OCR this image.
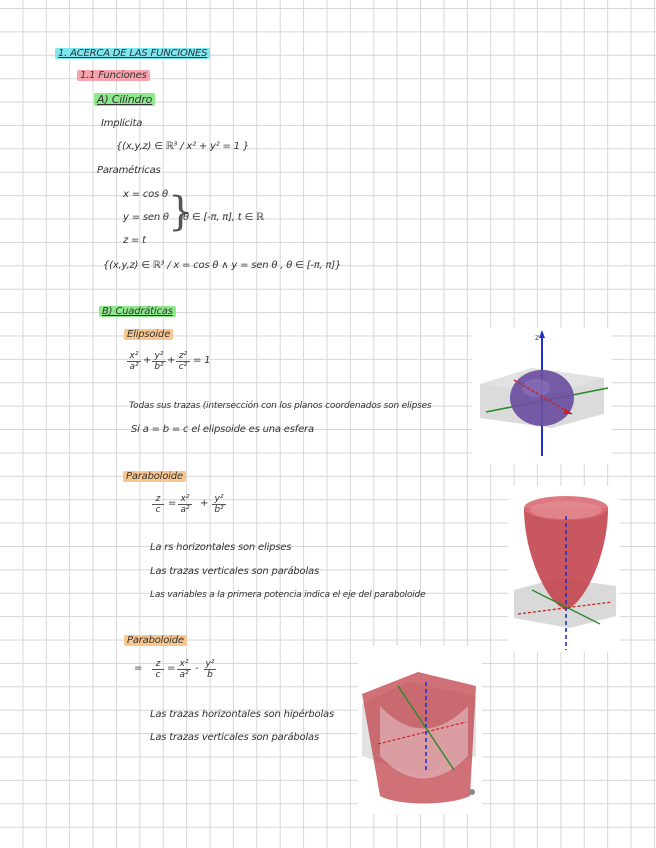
1. ACERCA DE LAS FUNCIONES
1.1 Funciones
A) Cilindro
Implícita
{(x,y,z) ∈ ℝ³ / x² + y² = 1 }
Paramétricas
x = cos θ
y = sen θ
z = t
}
θ ∈ [-π, π], t ∈ ℝ
{(x,y,z) ∈ ℝ³ / x = cos θ ∧ y = sen θ , θ ∈ [-π, π]}
B) Cuadráticas
Elipsoide
$\frac{\text{x²}}{\text{a²}} + \frac{\text{y²}}{\text{b²}} + \frac{\text{z²}}{\text{c²}} = 1$
Todas sus trazas (intersección con los planos coordenados son elipses
Si a = b = c el elipsoide es una esfera
Paraboloide
$\frac{z}{c} = \frac{\text{x²}}{\text{a²}} + \frac{\text{y²}}{\text{b²}}$
La rs horizontales son elipses
Las trazas verticales son parábolas
Las variables a la primera potencia indica el eje del paraboloide
Paraboloide
= $\frac{z}{c} = \frac{\text{x²}}{\text{a²}} - \frac{\text{y²}}{b}$
Las trazas horizontales son hipérbolas
Las trazas verticales son parábolas
z
